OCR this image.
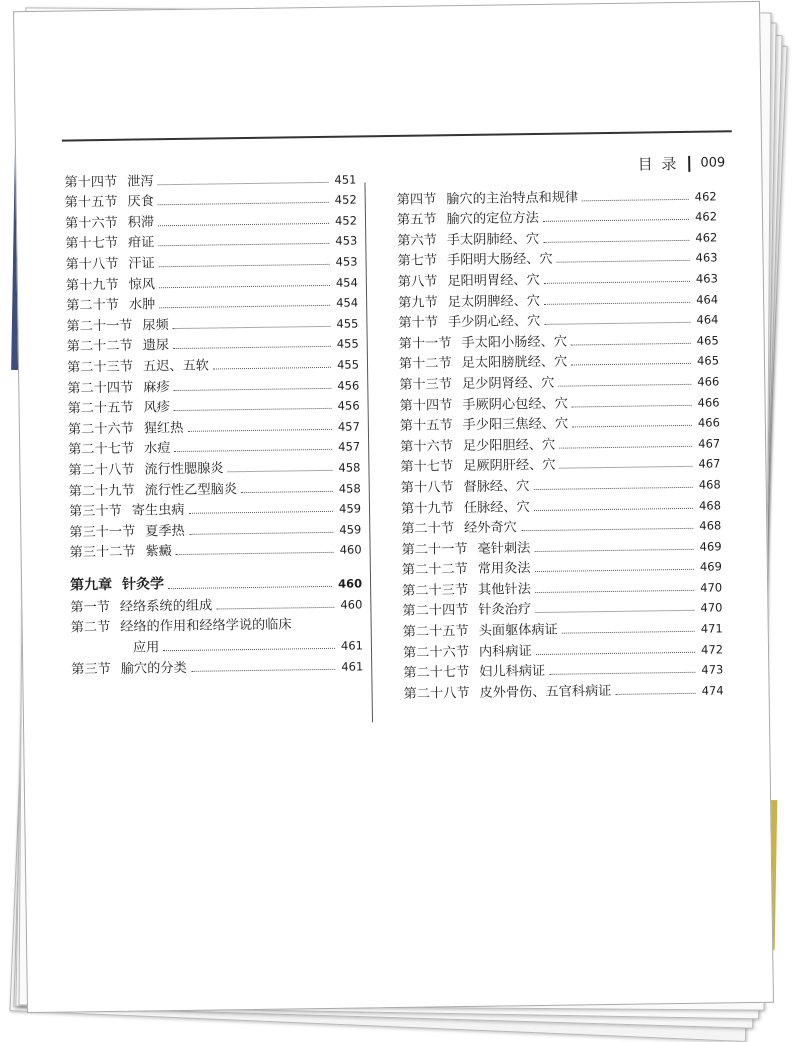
目 录 009
第十四节 泄泻	451
第十五节 厌食	452
第十六节 积滞	452
第十七节 疳证	453
第十八节 汗证	453
第十九节 惊风	454
第二十节 水肿	454
第二十一节 尿频	455
第二十二节 遗尿	455
第二十三节 五迟、五软	455
第二十四节 麻疹	456
第二十五节 风疹	456
第二十六节 猩红热	457
第二十七节 水痘	457
第二十八节 流行性腮腺炎	458
第二十九节 流行性乙型脑炎	458
第三十节 寄生虫病	459
第三十一节 夏季热	459
第三十二节 紫癜	460
第九章 针灸学	460
第一节 经络系统的组成	460
第二节 经络的作用和经络学说的临床
应用	461
第三节 腧穴的分类	461
第四节 腧穴的主治特点和规律	462
第五节 腧穴的定位方法	462
第六节 手太阴肺经、穴	462
第七节 手阳明大肠经、穴	463
第八节 足阳明胃经、穴	463
第九节 足太阴脾经、穴	464
第十节 手少阴心经、穴	464
第十一节 手太阳小肠经、穴	465
第十二节 足太阳膀胱经、穴	465
第十三节 足少阴肾经、穴	466
第十四节 手厥阴心包经、穴	466
第十五节 手少阳三焦经、穴	466
第十六节 足少阳胆经、穴	467
第十七节 足厥阴肝经、穴	467
第十八节 督脉经、穴	468
第十九节 任脉经、穴	468
第二十节 经外奇穴	468
第二十一节 毫针刺法	469
第二十二节 常用灸法	469
第二十三节 其他针法	470
第二十四节 针灸治疗	470
第二十五节 头面躯体病证	471
第二十六节 内科病证	472
第二十七节 妇儿科病证	473
第二十八节 皮外骨伤、五官科病证	474
